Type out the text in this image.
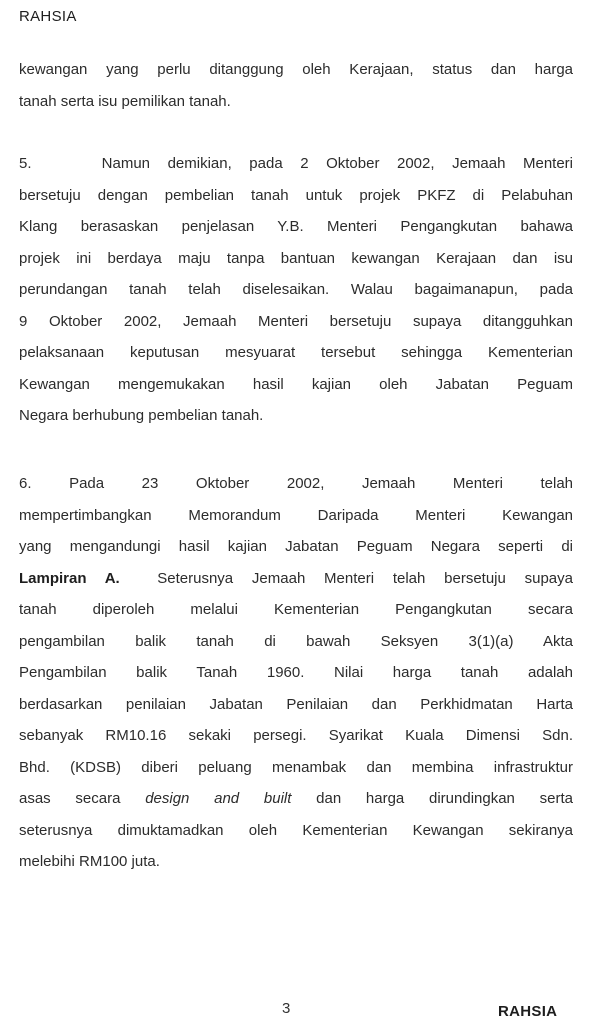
RAHSIA
kewangan yang perlu ditanggung oleh Kerajaan, status dan harga
tanah serta isu pemilikan tanah.
5.    Namun demikian, pada 2 Oktober 2002, Jemaah Menteri
bersetuju dengan pembelian tanah untuk projek PKFZ di Pelabuhan
Klang berasaskan penjelasan Y.B. Menteri Pengangkutan bahawa
projek ini berdaya maju tanpa bantuan kewangan Kerajaan dan isu
perundangan tanah telah diselesaikan. Walau bagaimanapun, pada
9 Oktober 2002, Jemaah Menteri bersetuju supaya ditangguhkan
pelaksanaan keputusan mesyuarat tersebut sehingga Kementerian
Kewangan mengemukakan hasil kajian oleh Jabatan Peguam
Negara berhubung pembelian tanah.
6. Pada 23 Oktober 2002, Jemaah Menteri telah
mempertimbangkan Memorandum Daripada Menteri Kewangan
yang mengandungi hasil kajian Jabatan Peguam Negara seperti di
Lampiran A.  Seterusnya Jemaah Menteri telah bersetuju supaya
tanah diperoleh melalui Kementerian Pengangkutan secara
pengambilan balik tanah di bawah Seksyen 3(1)(a) Akta
Pengambilan balik Tanah 1960. Nilai harga tanah adalah
berdasarkan penilaian Jabatan Penilaian dan Perkhidmatan Harta
sebanyak RM10.16 sekaki persegi. Syarikat Kuala Dimensi Sdn.
Bhd. (KDSB) diberi peluang menambak dan membina infrastruktur
asas secara design and built dan harga dirundingkan serta
seterusnya dimuktamadkan oleh Kementerian Kewangan sekiranya
melebihi RM100 juta.
3	RAHSIA
